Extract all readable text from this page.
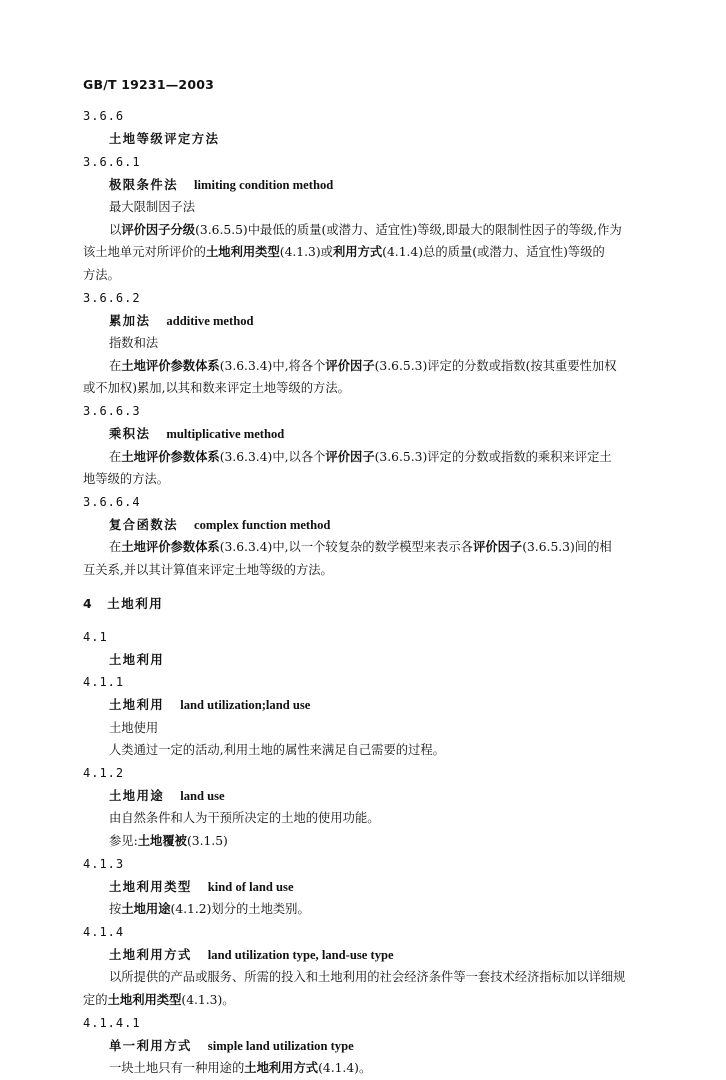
GB/T 19231—2003
3.6.6
土地等级评定方法
3.6.6.1
极限条件法 limiting condition method
最大限制因子法
以评价因子分级(3.6.5.5)中最低的质量(或潜力、适宜性)等级,即最大的限制性因子的等级,作为
该土地单元对所评价的土地利用类型(4.1.3)或利用方式(4.1.4)总的质量(或潜力、适宜性)等级的
方法。
3.6.6.2
累加法 additive method
指数和法
在土地评价参数体系(3.6.3.4)中,将各个评价因子(3.6.5.3)评定的分数或指数(按其重要性加权
或不加权)累加,以其和数来评定土地等级的方法。
3.6.6.3
乘积法 multiplicative method
在土地评价参数体系(3.6.3.4)中,以各个评价因子(3.6.5.3)评定的分数或指数的乘积来评定土
地等级的方法。
3.6.6.4
复合函数法 complex function method
在土地评价参数体系(3.6.3.4)中,以一个较复杂的数学模型来表示各评价因子(3.6.5.3)间的相
互关系,并以其计算值来评定土地等级的方法。
4 土地利用
4.1
土地利用
4.1.1
土地利用 land utilization;land use
土地使用
人类通过一定的活动,利用土地的属性来满足自己需要的过程。
4.1.2
土地用途 land use
由自然条件和人为干预所决定的土地的使用功能。
参见:土地覆被(3.1.5)
4.1.3
土地利用类型 kind of land use
按土地用途(4.1.2)划分的土地类别。
4.1.4
土地利用方式 land utilization type, land-use type
以所提供的产品或服务、所需的投入和土地利用的社会经济条件等一套技术经济指标加以详细规
定的土地利用类型(4.1.3)。
4.1.4.1
单一利用方式 simple land utilization type
一块土地只有一种用途的土地利用方式(4.1.4)。
